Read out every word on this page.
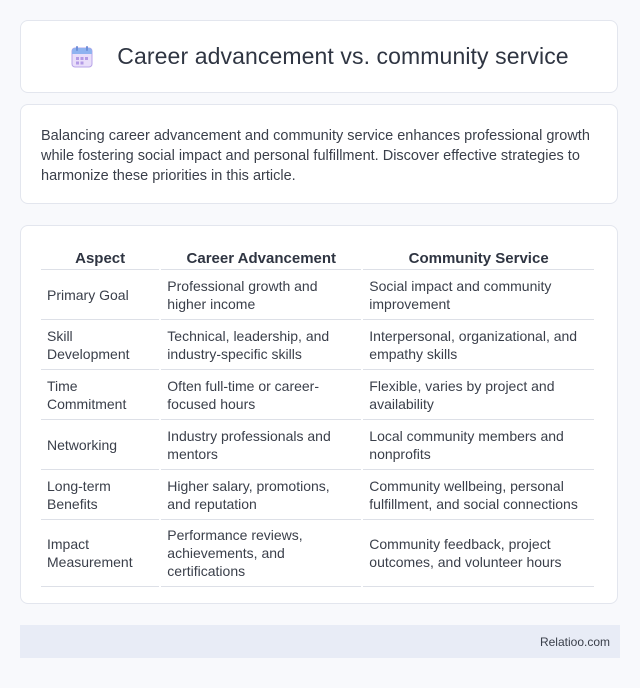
Career advancement vs. community service

Balancing career advancement and community service enhances professional growth while fostering social impact and personal fulfillment. Discover effective strategies to harmonize these priorities in this article.

Aspect	Career Advancement	Community Service
Primary Goal	Professional growth and higher income	Social impact and community improvement
Skill Development	Technical, leadership, and industry-specific skills	Interpersonal, organizational, and empathy skills
Time Commitment	Often full-time or career-focused hours	Flexible, varies by project and availability
Networking	Industry professionals and mentors	Local community members and nonprofits
Long-term Benefits	Higher salary, promotions, and reputation	Community wellbeing, personal fulfillment, and social connections
Impact Measurement	Performance reviews, achievements, and certifications	Community feedback, project outcomes, and volunteer hours
Relatioo.com
